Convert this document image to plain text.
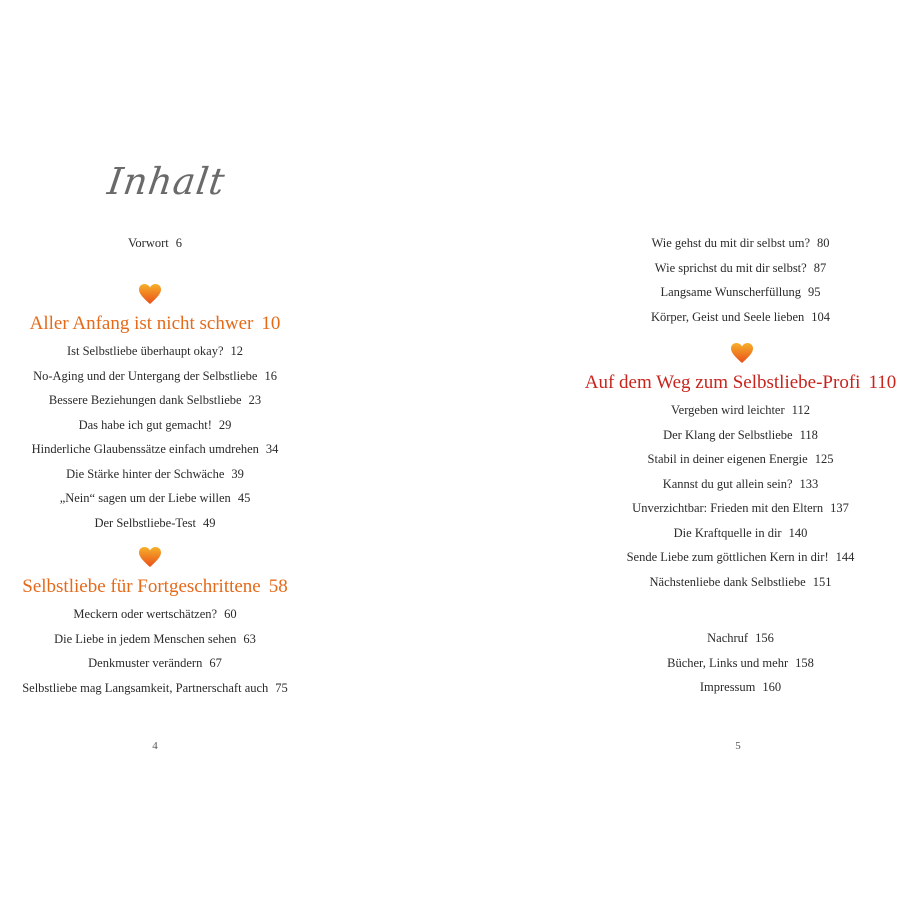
Inhalt
Vorwort 6
Aller Anfang ist nicht schwer 10
Ist Selbstliebe überhaupt okay? 12
No-Aging und der Untergang der Selbstliebe 16
Bessere Beziehungen dank Selbstliebe 23
Das habe ich gut gemacht! 29
Hinderliche Glaubenssätze einfach umdrehen 34
Die Stärke hinter der Schwäche 39
„Nein“ sagen um der Liebe willen 45
Der Selbstliebe-Test 49
Selbstliebe für Fortgeschrittene 58
Meckern oder wertschätzen? 60
Die Liebe in jedem Menschen sehen 63
Denkmuster verändern 67
Selbstliebe mag Langsamkeit, Partnerschaft auch 75
4
Wie gehst du mit dir selbst um? 80
Wie sprichst du mit dir selbst? 87
Langsame Wunscherfüllung 95
Körper, Geist und Seele lieben 104
Auf dem Weg zum Selbstliebe-Profi 110
Vergeben wird leichter 112
Der Klang der Selbstliebe 118
Stabil in deiner eigenen Energie 125
Kannst du gut allein sein? 133
Unverzichtbar: Frieden mit den Eltern 137
Die Kraftquelle in dir 140
Sende Liebe zum göttlichen Kern in dir! 144
Nächstenliebe dank Selbstliebe 151
Nachruf 156
Bücher, Links und mehr 158
Impressum 160
5
